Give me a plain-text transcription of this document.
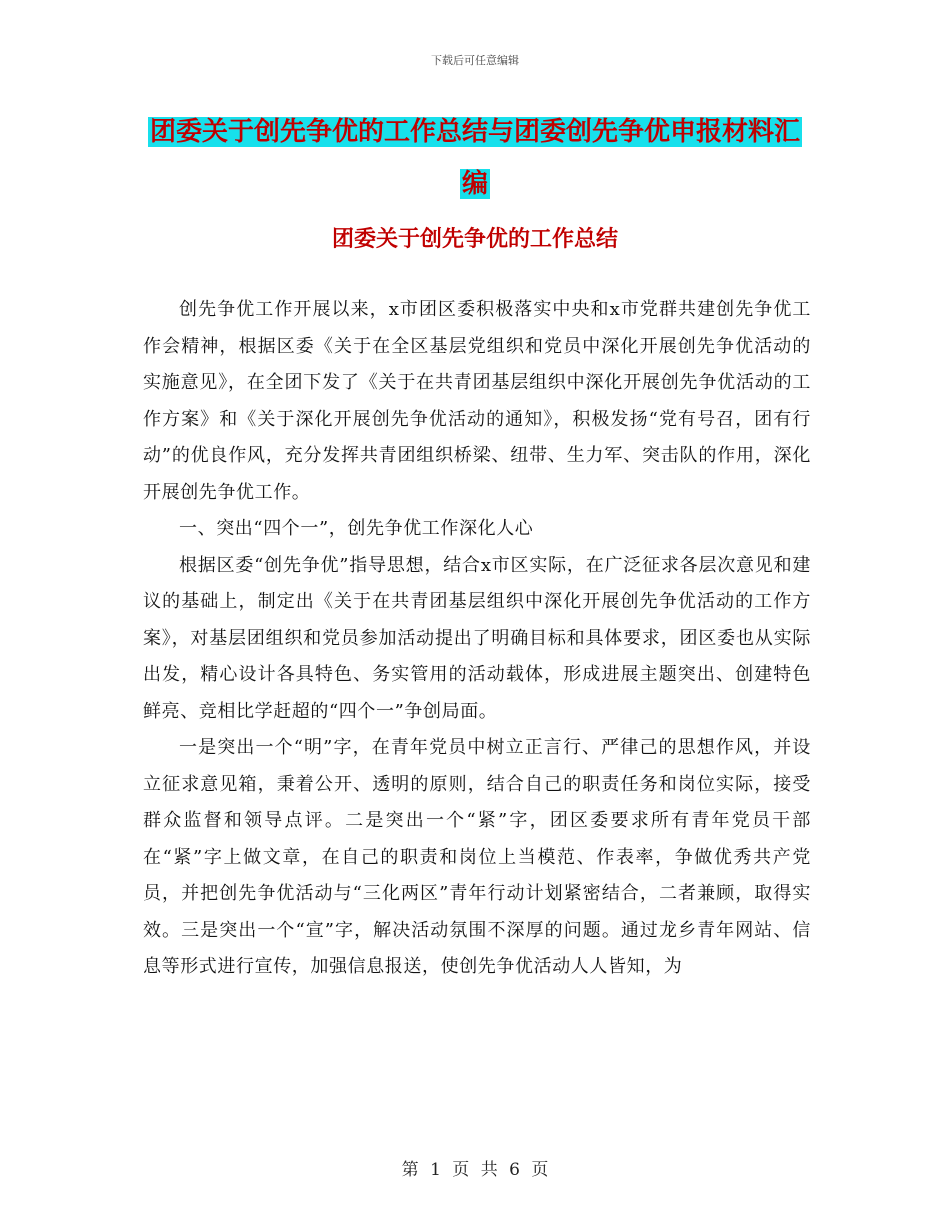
下载后可任意编辑
团委关于创先争优的工作总结与团委创先争优申报材料汇编
团委关于创先争优的工作总结

创先争优工作开展以来，x市团区委积极落实中央和x市党群共建创先争优工作会精神，根据区委《关于在全区基层党组织和党员中深化开展创先争优活动的实施意见》，在全团下发了《关于在共青团基层组织中深化开展创先争优活动的工作方案》和《关于深化开展创先争优活动的通知》，积极发扬“党有号召，团有行动”的优良作风，充分发挥共青团组织桥梁、纽带、生力军、突击队的作用，深化开展创先争优工作。

一、突出“四个一”，创先争优工作深化人心

根据区委“创先争优”指导思想，结合x市区实际，在广泛征求各层次意见和建议的基础上，制定出《关于在共青团基层组织中深化开展创先争优活动的工作方案》，对基层团组织和党员参加活动提出了明确目标和具体要求，团区委也从实际出发，精心设计各具特色、务实管用的活动载体，形成进展主题突出、创建特色鲜亮、竞相比学赶超的“四个一”争创局面。

一是突出一个“明”字，在青年党员中树立正言行、严律己的思想作风，并设立征求意见箱，秉着公开、透明的原则，结合自己的职责任务和岗位实际，接受群众监督和领导点评。二是突出一个“紧”字，团区委要求所有青年党员干部在“紧”字上做文章，在自己的职责和岗位上当模范、作表率，争做优秀共产党员，并把创先争优活动与“三化两区”青年行动计划紧密结合，二者兼顾，取得实效。三是突出一个“宣”字，解决活动氛围不深厚的问题。通过龙乡青年网站、信息等形式进行宣传，加强信息报送，使创先争优活动人人皆知，为

第 1 页 共 6 页
